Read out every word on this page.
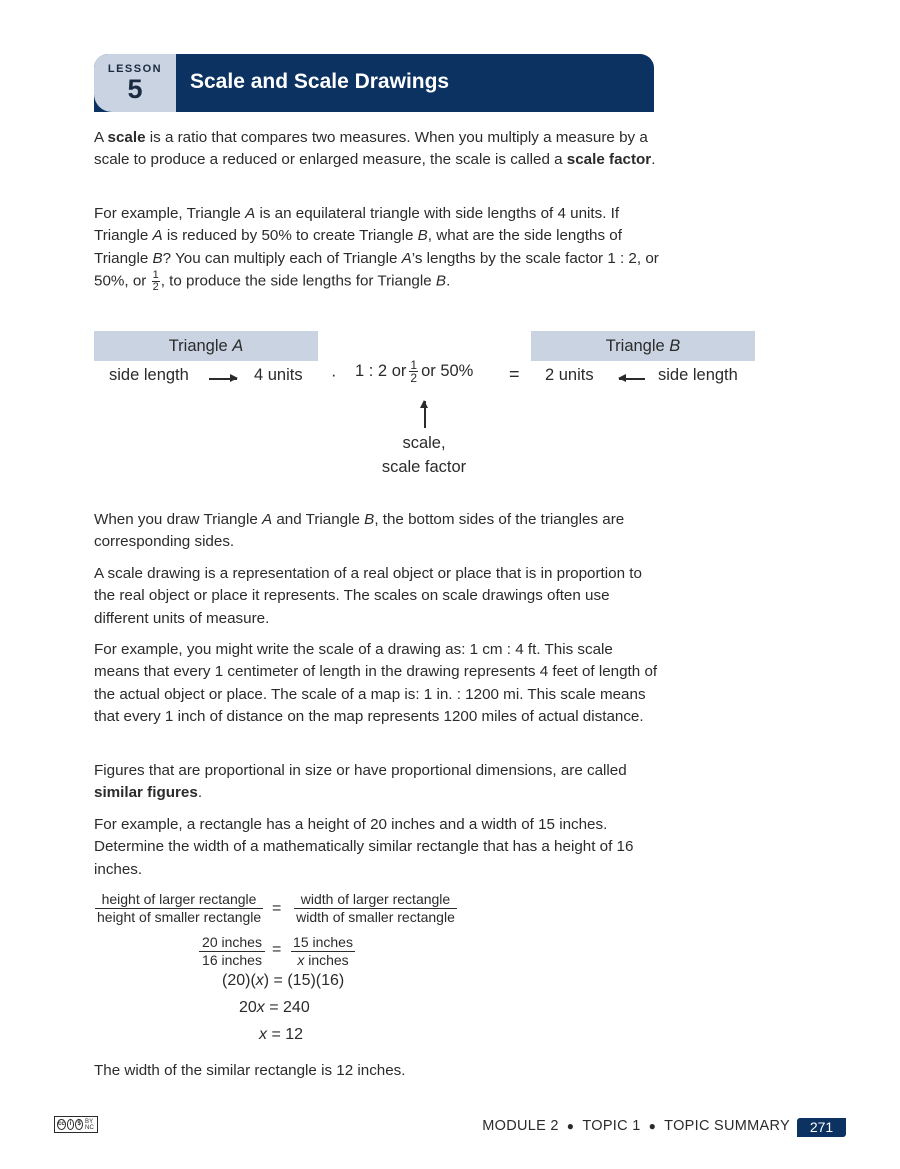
LESSON
5	Scale and Scale Drawings

A scale is a ratio that compares two measures. When you multiply a measure by a scale to produce a reduced or enlarged measure, the scale is called a scale factor.

For example, Triangle A is an equilateral triangle with side lengths of 4 units. If Triangle A is reduced by 50% to create Triangle B, what are the side lengths of Triangle B? You can multiply each of Triangle A’s lengths by the scale factor 1 : 2, or 50%, or $\frac{1}{2}$ , to produce the side lengths for Triangle B.

Triangle A	Triangle B
side length	4 units · 1 : 2 or $\frac{1}{2}$ or 50% = 2 units	side length
scale,
scale factor

When you draw Triangle A and Triangle B, the bottom sides of the triangles are corresponding sides.

A scale drawing is a representation of a real object or place that is in proportion to the real object or place it represents. The scales on scale drawings often use different units of measure.

For example, you might write the scale of a drawing as: 1 cm : 4 ft. This scale means that every 1 centimeter of length in the drawing represents 4 feet of length of the actual object or place. The scale of a map is: 1 in. : 1200 mi. This scale means that every 1 inch of distance on the map represents 1200 miles of actual distance.

Figures that are proportional in size or have proportional dimensions, are called similar figures.

For example, a rectangle has a height of 20 inches and a width of 15 inches. Determine the width of a mathematically similar rectangle that has a height of 16 inches.

height of larger rectangle
height of smaller rectangle =
width of larger rectangle
width of smaller rectangle
20 inches
16 inches
= 15 inches
x inches
(20)(x) = (15)(16)
20x = 240
x = 12

The width of the similar rectangle is 12 inches.

cc i	$ BY NC	MODULE 2 ● TOPIC 1 ● TOPIC SUMMARY	271
